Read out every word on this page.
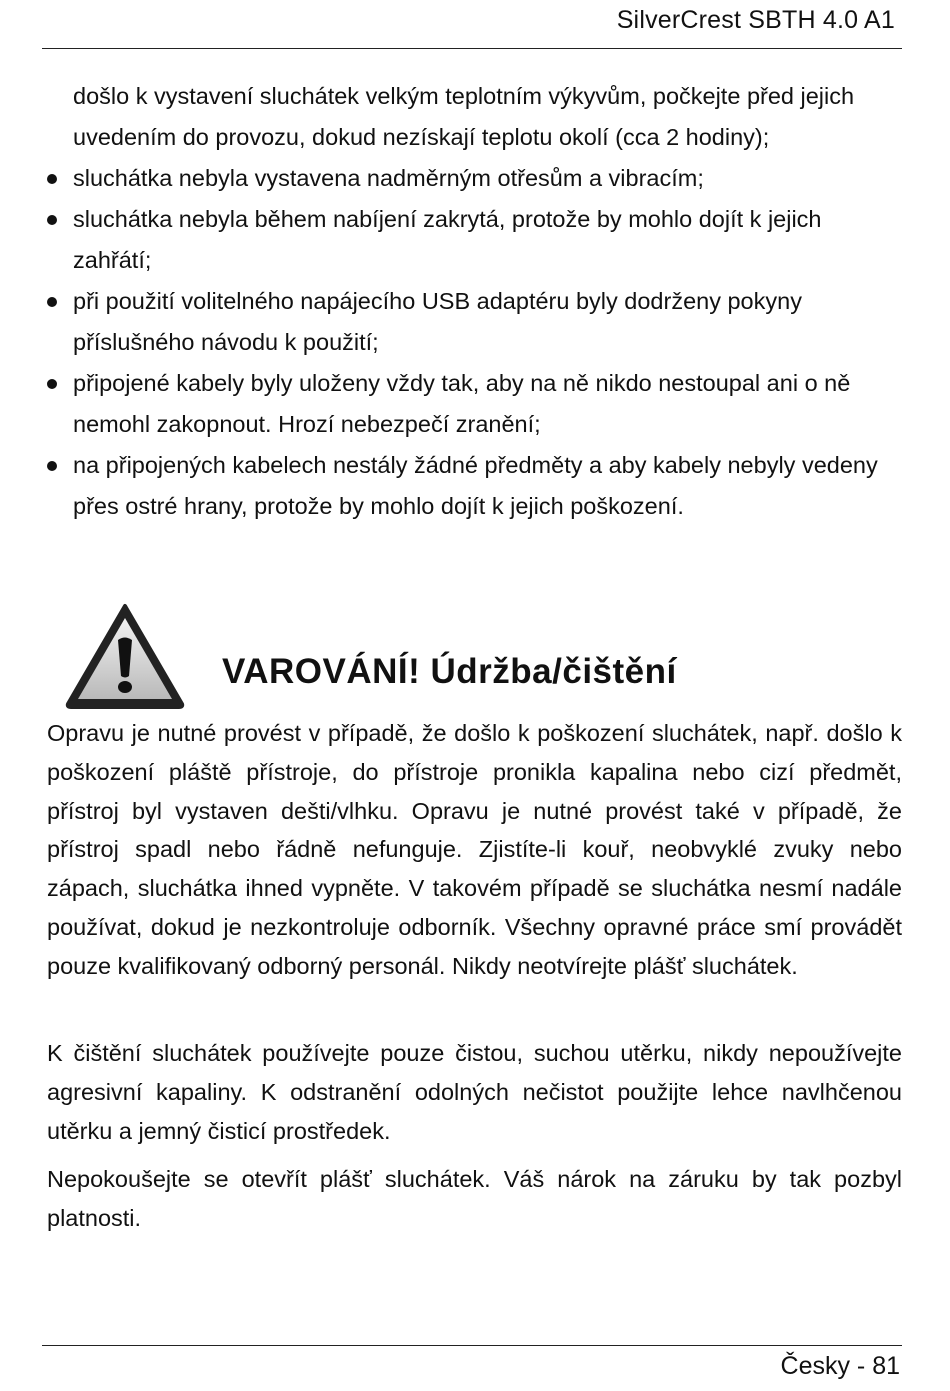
SilverCrest SBTH 4.0 A1
došlo k vystavení sluchátek velkým teplotním výkyvům, počkejte před jejich uvedením do provozu, dokud nezískají teplotu okolí (cca 2 hodiny);
sluchátka nebyla vystavena nadměrným otřesům a vibracím;
sluchátka nebyla během nabíjení zakrytá, protože by mohlo dojít k jejich zahřátí;
při použití volitelného napájecího USB adaptéru byly dodrženy pokyny příslušného návodu k použití;
připojené kabely byly uloženy vždy tak, aby na ně nikdo nestoupal ani o ně nemohl zakopnout. Hrozí nebezpečí zranění;
na připojených kabelech nestály žádné předměty a aby kabely nebyly vedeny přes ostré hrany, protože by mohlo dojít k jejich poškození.
VAROVÁNÍ! Údržba/čištění

Opravu je nutné provést v případě, že došlo k poškození sluchátek, např. došlo k poškození pláště přístroje, do přístroje pronikla kapalina nebo cizí předmět, přístroj byl vystaven dešti/vlhku. Opravu je nutné provést také v případě, že přístroj spadl nebo řádně nefunguje. Zjistíte-li kouř, neobvyklé zvuky nebo zápach, sluchátka ihned vypněte. V takovém případě se sluchátka nesmí nadále používat, dokud je nezkontroluje odborník. Všechny opravné práce smí provádět pouze kvalifikovaný odborný personál. Nikdy neotvírejte plášť sluchátek.

K čištění sluchátek používejte pouze čistou, suchou utěrku, nikdy nepoužívejte agresivní kapaliny. K odstranění odolných nečistot použijte lehce navlhčenou utěrku a jemný čisticí prostředek.

Nepokoušejte se otevřít plášť sluchátek. Váš nárok na záruku by tak pozbyl platnosti.

Česky - 81
